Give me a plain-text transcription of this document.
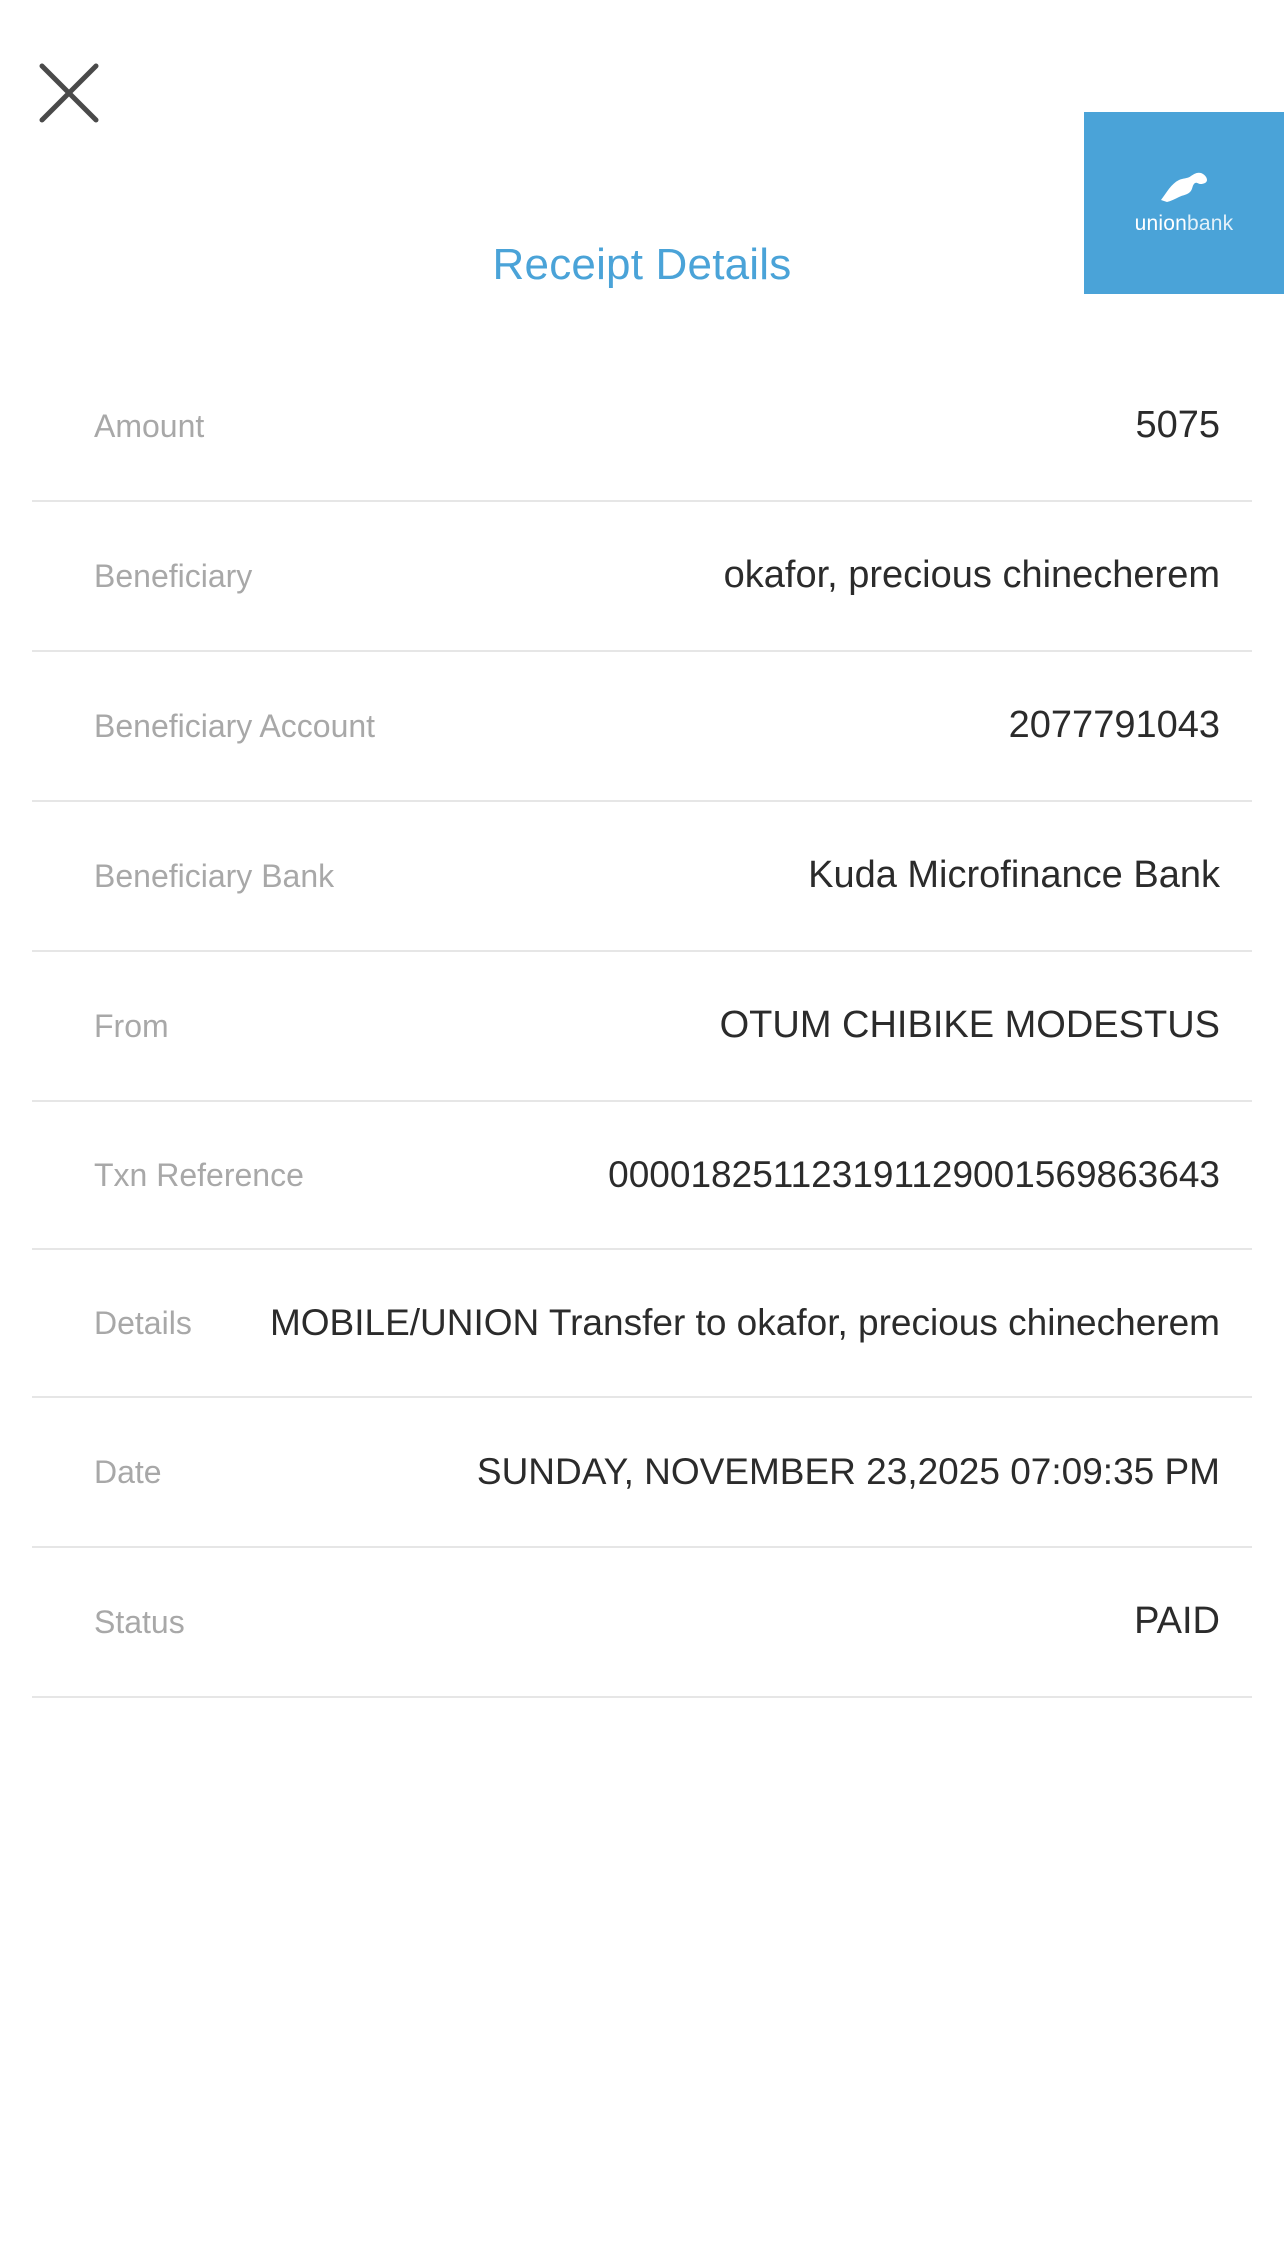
unionbank
Receipt Details
Amount	5075
Beneficiary	okafor, precious chinecherem
Beneficiary Account	2077791043
Beneficiary Bank	Kuda Microfinance Bank
From	OTUM CHIBIKE MODESTUS
Txn Reference	000018251123191129001569863643
Details	MOBILE/UNION Transfer to okafor, precious chinecherem
Date	SUNDAY, NOVEMBER 23,2025 07:09:35 PM
Status	PAID
